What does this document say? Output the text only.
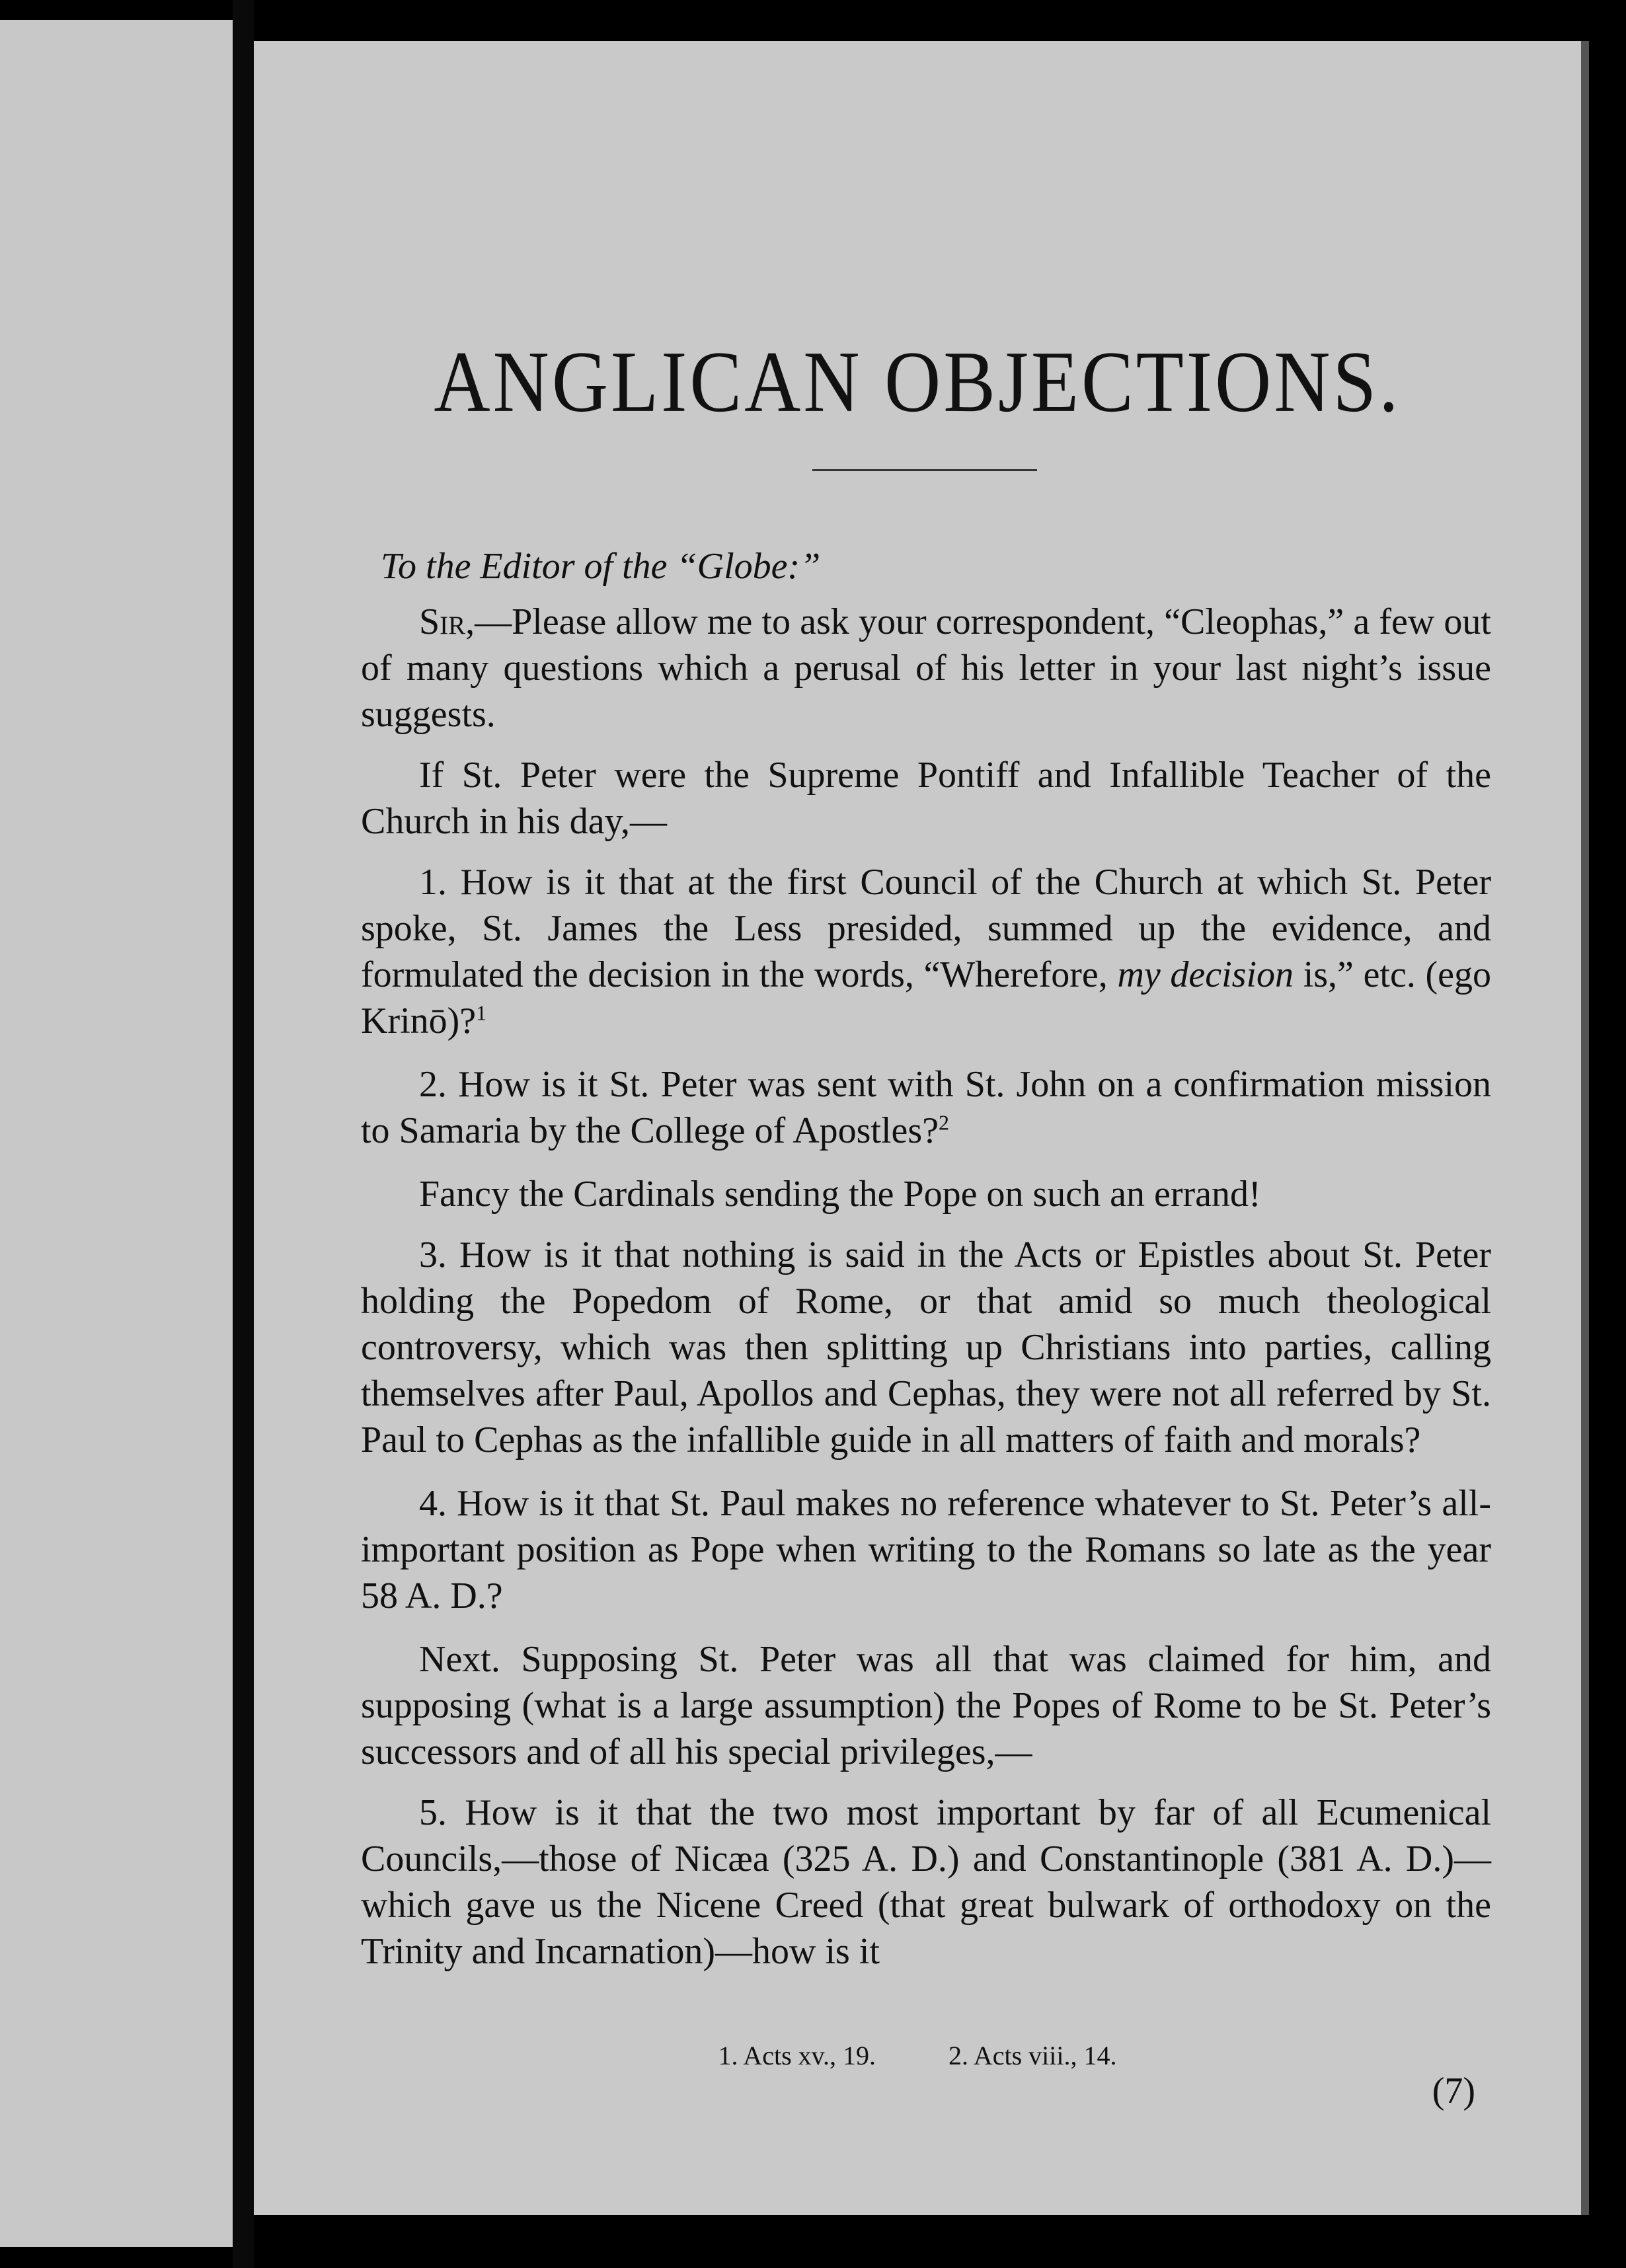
ANGLICAN OBJECTIONS.

To the Editor of the “Globe:”

Sir,—Please allow me to ask your correspondent, “Cleophas,” a few out of many questions which a perusal of his letter in your last night’s issue suggests.

If St. Peter were the Supreme Pontiff and Infallible Teacher of the Church in his day,—

1. How is it that at the first Council of the Church at which St. Peter spoke, St. James the Less presided, summed up the evidence, and formulated the decision in the words, “Wherefore, my decision is,” etc. (ego Krinō)?$^1$

2. How is it St. Peter was sent with St. John on a confirmation mission to Samaria by the College of Apostles?$^2$

Fancy the Cardinals sending the Pope on such an errand!

3. How is it that nothing is said in the Acts or Epistles about St. Peter holding the Popedom of Rome, or that amid so much theological controversy, which was then splitting up Christians into parties, calling themselves after Paul, Apollos and Cephas, they were not all referred by St. Paul to Cephas as the infallible guide in all matters of faith and morals?

4. How is it that St. Paul makes no reference whatever to St. Peter’s all-important position as Pope when writing to the Romans so late as the year 58 A. D.?

Next. Supposing St. Peter was all that was claimed for him, and supposing (what is a large assumption) the Popes of Rome to be St. Peter’s successors and of all his special privileges,—

5. How is it that the two most important by far of all Ecumenical Councils,—those of Nicæa (325 A. D.) and Constantinople (381 A. D.)—which gave us the Nicene Creed (that great bulwark of orthodoxy on the Trinity and Incarnation)—how is it

1. Acts xv., 19.	2. Acts viii., 14.
(7)
